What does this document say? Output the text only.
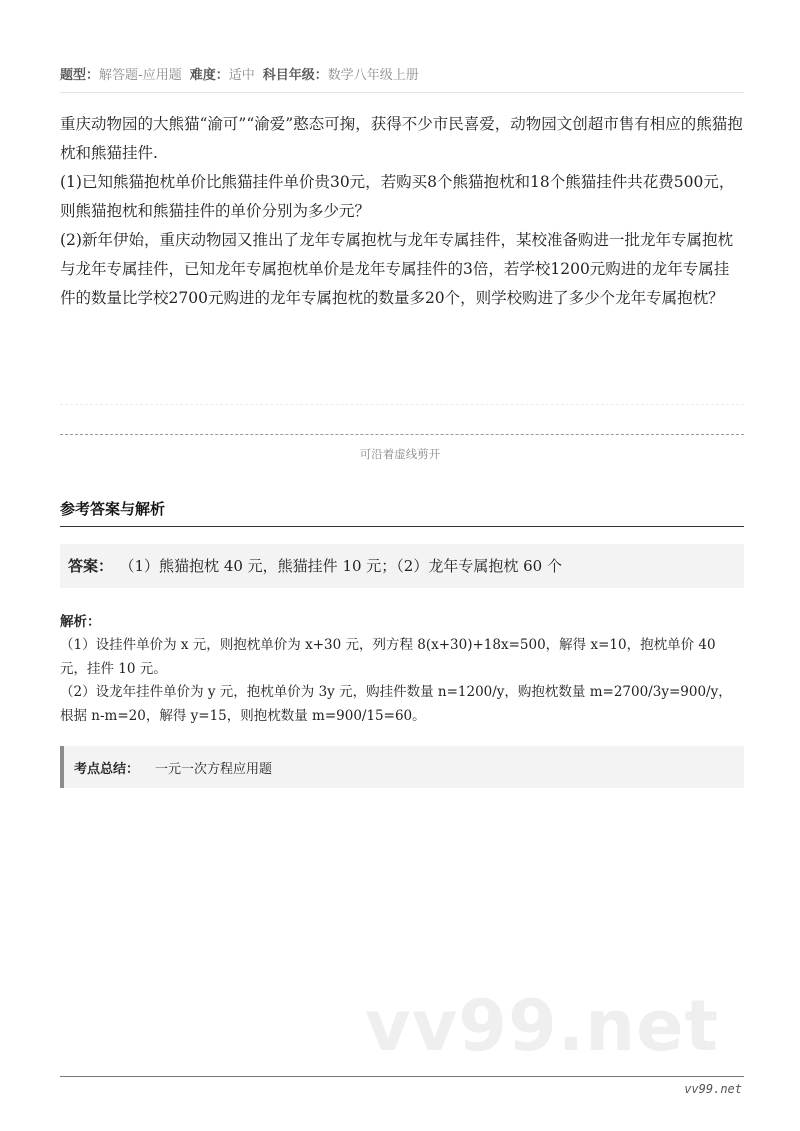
题型：解答题-应用题 难度：适中 科目年级：数学八年级上册

重庆动物园的大熊猫“渝可”“渝爱”憨态可掬，获得不少市民喜爱，动物园文创超市售有相应的熊猫抱枕和熊猫挂件.

(1)已知熊猫抱枕单价比熊猫挂件单价贵30元，若购买8个熊猫抱枕和18个熊猫挂件共花费500元，则熊猫抱枕和熊猫挂件的单价分别为多少元？

(2)新年伊始，重庆动物园又推出了龙年专属抱枕与龙年专属挂件，某校准备购进一批龙年专属抱枕与龙年专属挂件，已知龙年专属抱枕单价是龙年专属挂件的3倍，若学校1200元购进的龙年专属挂件的数量比学校2700元购进的龙年专属抱枕的数量多20个，则学校购进了多少个龙年专属抱枕？

可沿着虚线剪开
参考答案与解析
答案： （1）熊猫抱枕 40 元，熊猫挂件 10 元；（2）龙年专属抱枕 60 个
解析：

（1）设挂件单价为 x 元，则抱枕单价为 x+30 元，列方程 8(x+30)+18x=500，解得 x=10，抱枕单价 40 元，挂件 10 元。

（2）设龙年挂件单价为 y 元，抱枕单价为 3y 元，购挂件数量 n=1200/y，购抱枕数量 m=2700/3y=900/y，根据 n-m=20，解得 y=15，则抱枕数量 m=900/15=60。

考点总结： 一元一次方程应用题
vv99.net
vv99.net
